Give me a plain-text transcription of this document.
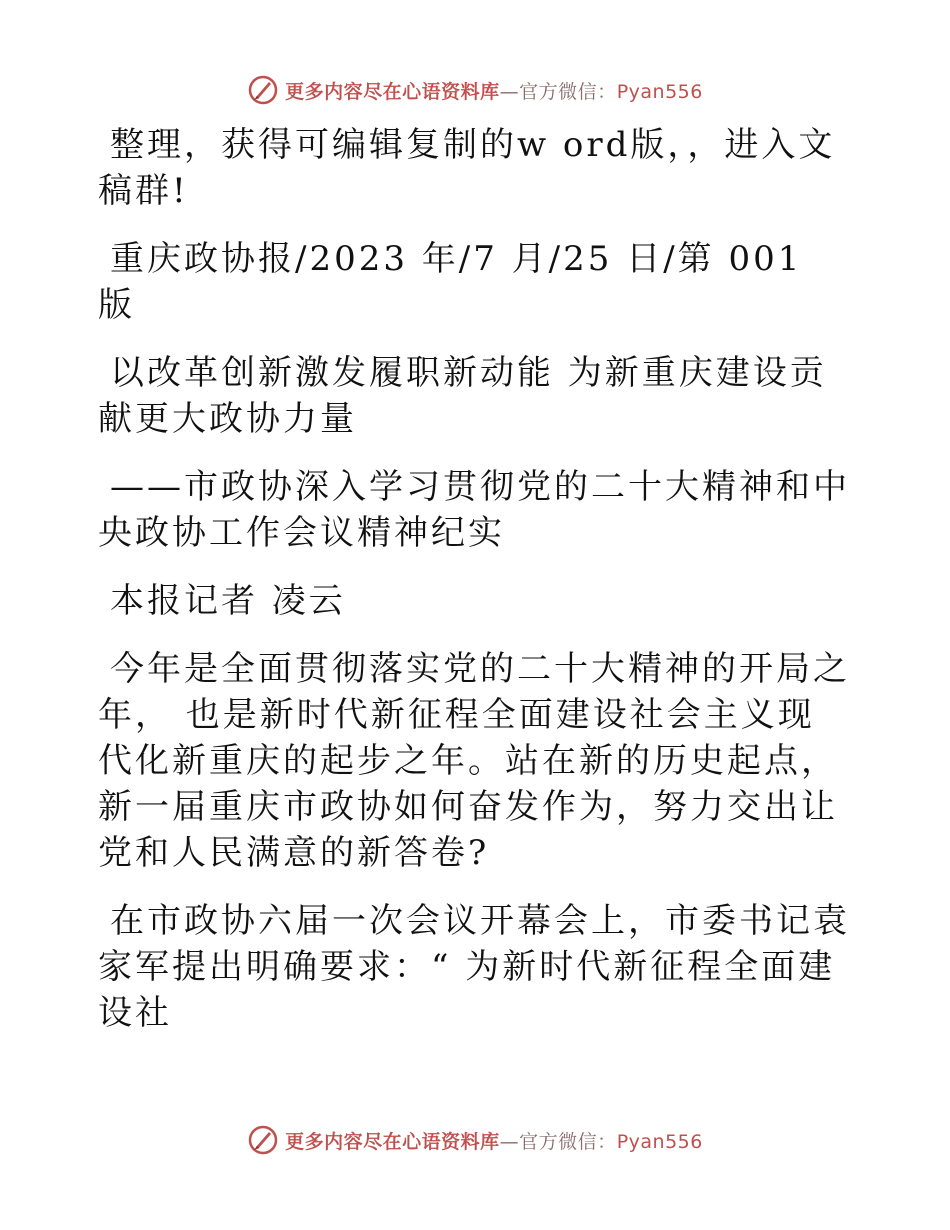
更多内容尽在心语资料库—官方微信：Pyan556

整理，获得可编辑复制的w ord版，，进入文稿群!

重庆政协报/2023 年/7 月/25 日/第 001 版

以改革创新激发履职新动能 为新重庆建设贡献更大政协力量

——市政协深入学习贯彻党的二十大精神和中央政协工作会议精神纪实

本报记者 凌云

今年是全面贯彻落实党的二十大精神的开局之年， 也是新时代新征程全面建设社会主义现代化新重庆的起步之年。站在新的历史起点，新一届重庆市政协如何奋发作为，努力交出让党和人民满意的新答卷?

在市政协六届一次会议开幕会上，市委书记袁家军提出明确要求：“ 为新时代新征程全面建设社

更多内容尽在心语资料库—官方微信：Pyan556
